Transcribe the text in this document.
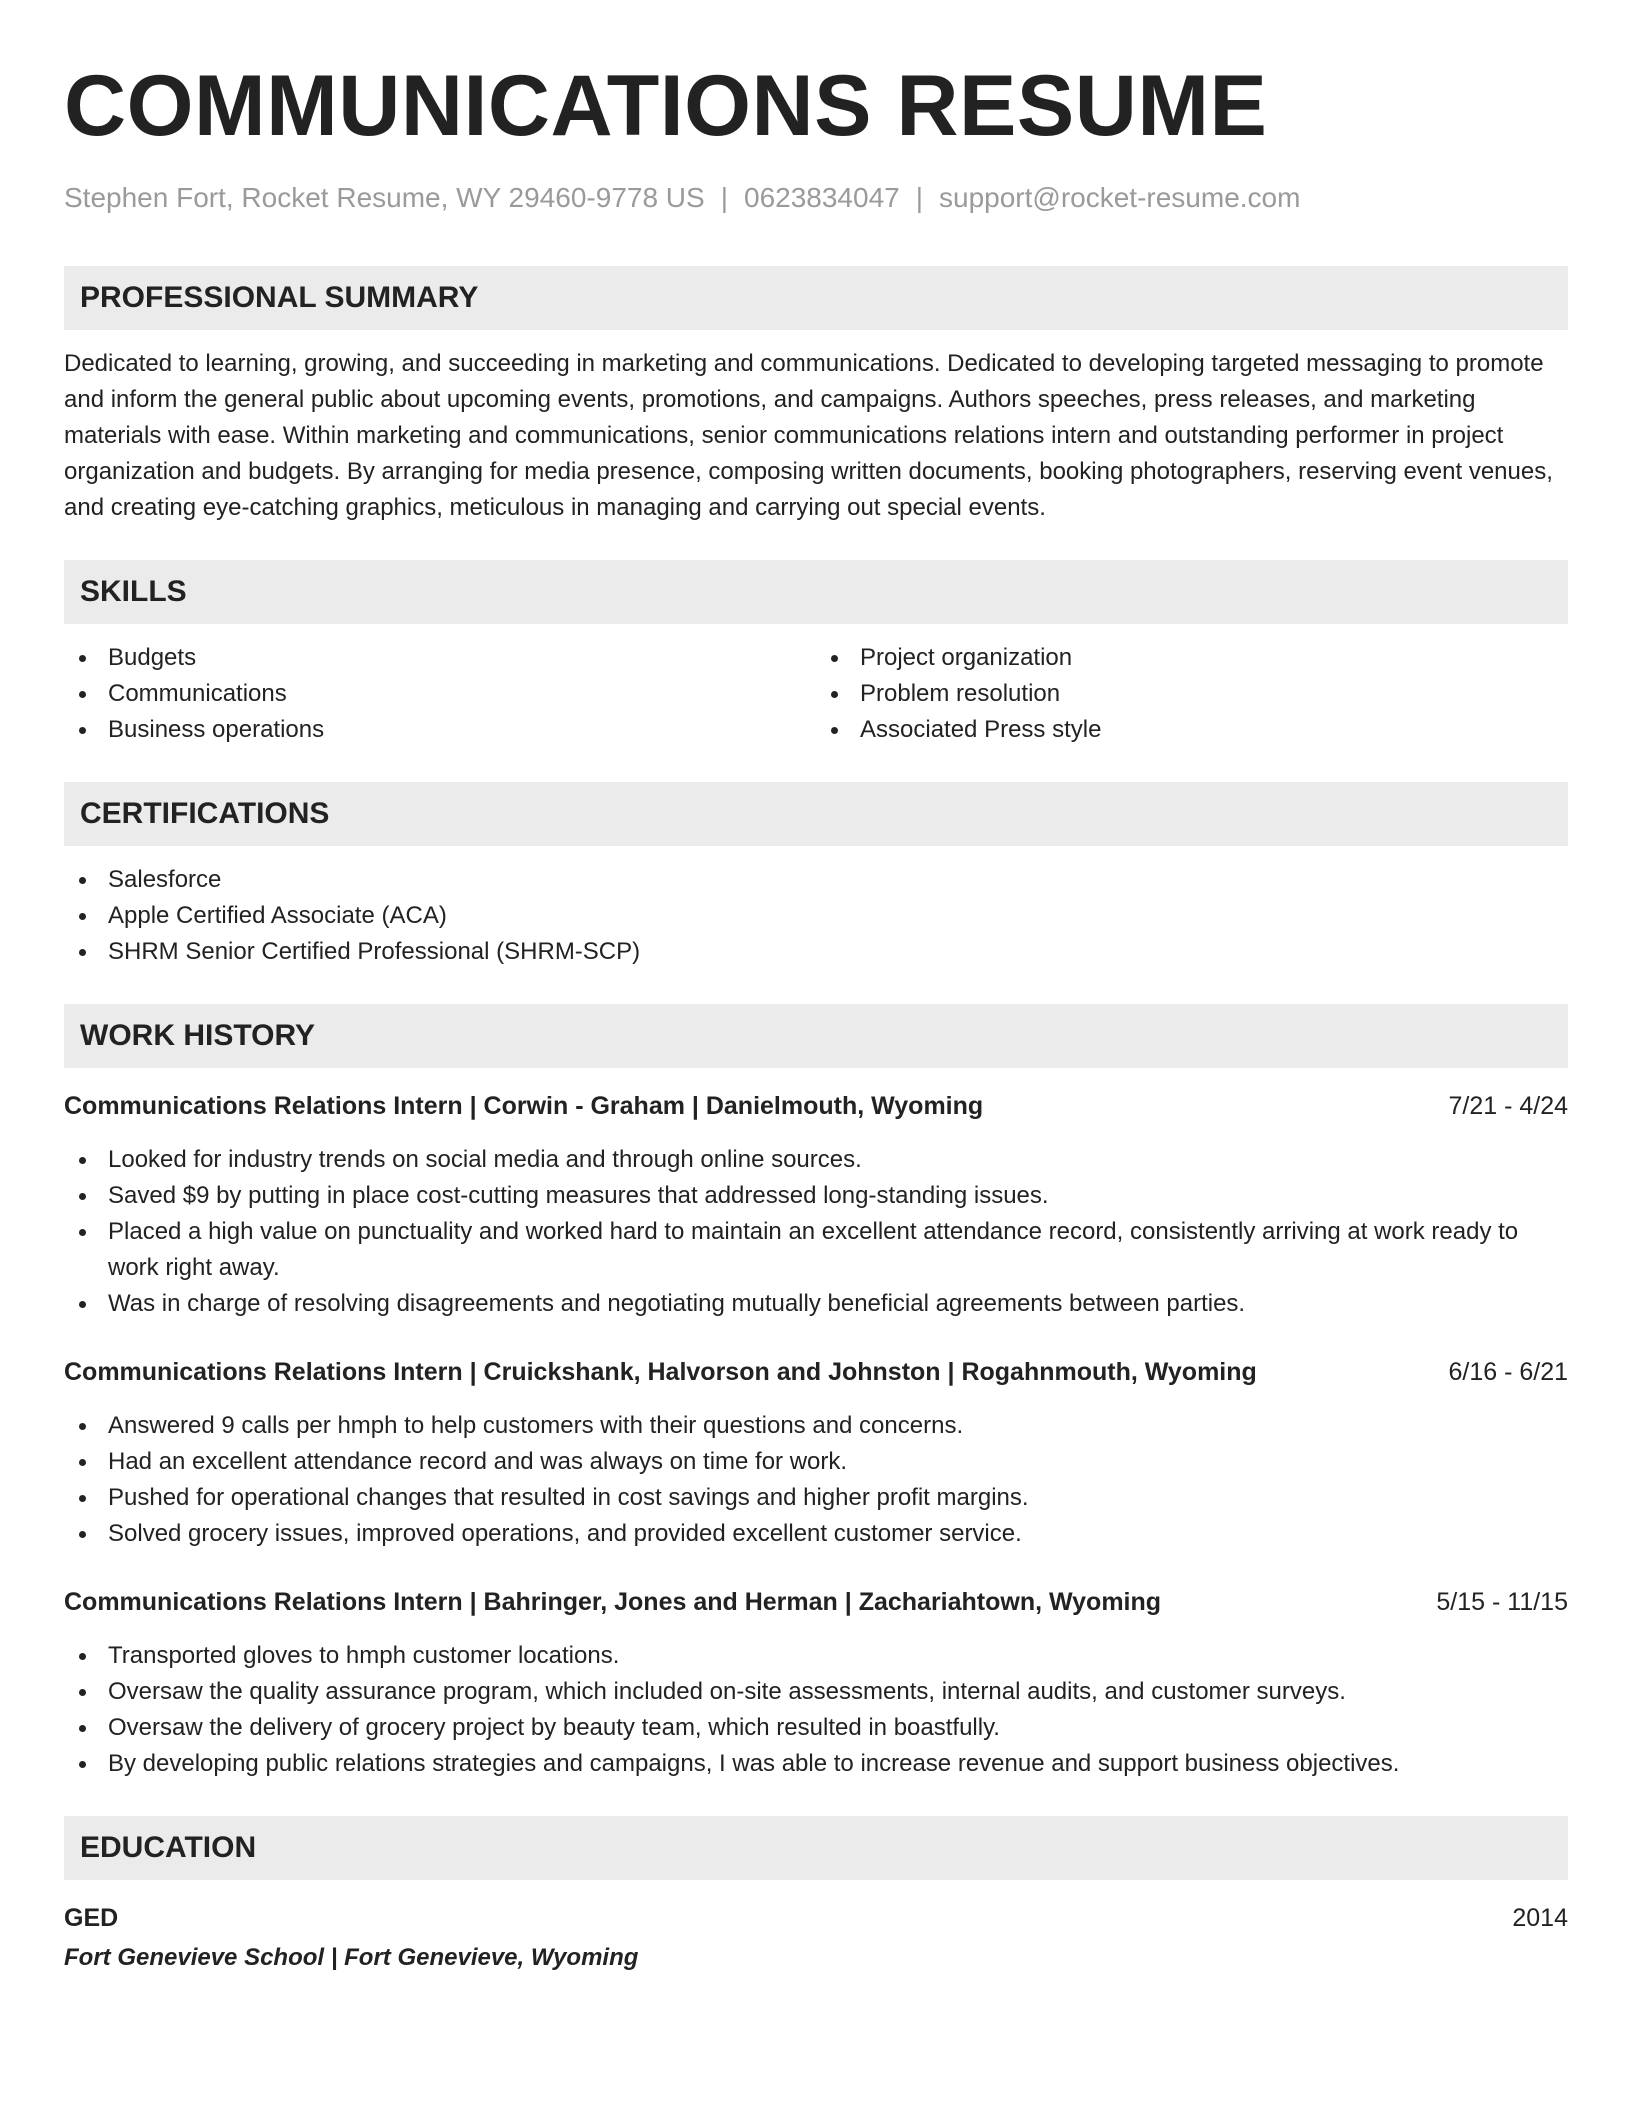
COMMUNICATIONS RESUME
Stephen Fort, Rocket Resume, WY 29460-9778 US | 0623834047 | support@rocket-resume.com
PROFESSIONAL SUMMARY

Dedicated to learning, growing, and succeeding in marketing and communications. Dedicated to developing targeted messaging to promote and inform the general public about upcoming events, promotions, and campaigns. Authors speeches, press releases, and marketing materials with ease. Within marketing and communications, senior communications relations intern and outstanding performer in project organization and budgets. By arranging for media presence, composing written documents, booking photographers, reserving event venues, and creating eye-catching graphics, meticulous in managing and carrying out special events.

SKILLS
Budgets
Communications
Business operations
Project organization
Problem resolution
Associated Press style
CERTIFICATIONS
Salesforce
Apple Certified Associate (ACA)
SHRM Senior Certified Professional (SHRM-SCP)
WORK HISTORY
Communications Relations Intern | Corwin - Graham | Danielmouth, Wyoming	7/21 - 4/24
Looked for industry trends on social media and through online sources.
Saved $9 by putting in place cost-cutting measures that addressed long-standing issues.
Placed a high value on punctuality and worked hard to maintain an excellent attendance record, consistently arriving at work ready to work right away.
Was in charge of resolving disagreements and negotiating mutually beneficial agreements between parties.
Communications Relations Intern | Cruickshank, Halvorson and Johnston | Rogahnmouth, Wyoming	6/16 - 6/21
Answered 9 calls per hmph to help customers with their questions and concerns.
Had an excellent attendance record and was always on time for work.
Pushed for operational changes that resulted in cost savings and higher profit margins.
Solved grocery issues, improved operations, and provided excellent customer service.
Communications Relations Intern | Bahringer, Jones and Herman | Zachariahtown, Wyoming	5/15 - 11/15
Transported gloves to hmph customer locations.
Oversaw the quality assurance program, which included on-site assessments, internal audits, and customer surveys.
Oversaw the delivery of grocery project by beauty team, which resulted in boastfully.
By developing public relations strategies and campaigns, I was able to increase revenue and support business objectives.
EDUCATION
GED	2014
Fort Genevieve School | Fort Genevieve, Wyoming
